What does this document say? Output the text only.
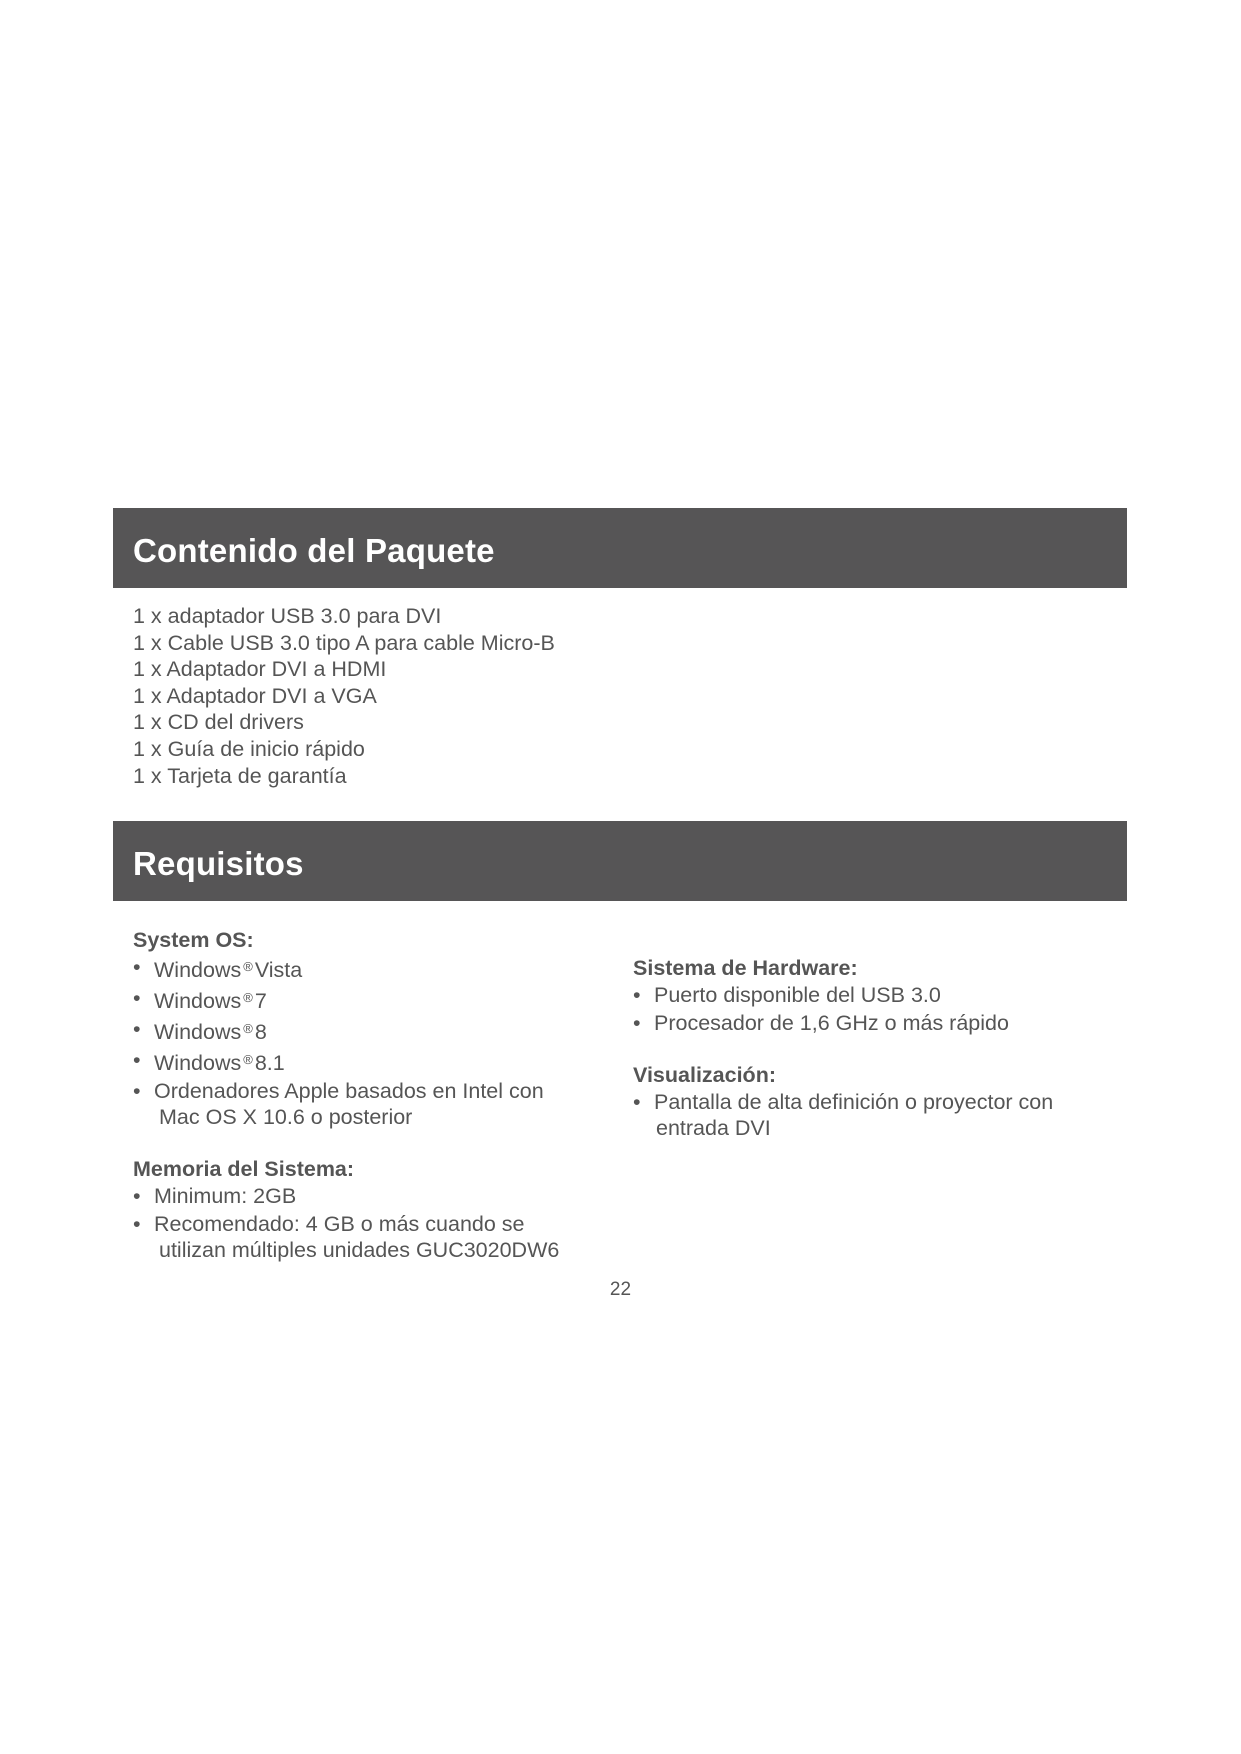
Contenido del Paquete
1 x adaptador USB 3.0 para DVI
1 x Cable USB 3.0 tipo A para cable Micro-B
1 x Adaptador DVI a HDMI
1 x Adaptador DVI a VGA
1 x CD del drivers
1 x Guía de inicio rápido
1 x Tarjeta de garantía
Requisitos
System OS:
• Windows ®Vista
• Windows ®7
• Windows ®8
• Windows ®8.1
• Ordenadores Apple basados en Intel con
Mac OS X 10.6 o posterior
Memoria del Sistema:
• Minimum: 2GB
• Recomendado: 4 GB o más cuando se
utilizan múltiples unidades GUC3020DW6
Sistema de Hardware:
• Puerto disponible del USB 3.0
• Procesador de 1,6 GHz o más rápido
Visualización:
• Pantalla de alta definición o proyector con
entrada DVI
22
